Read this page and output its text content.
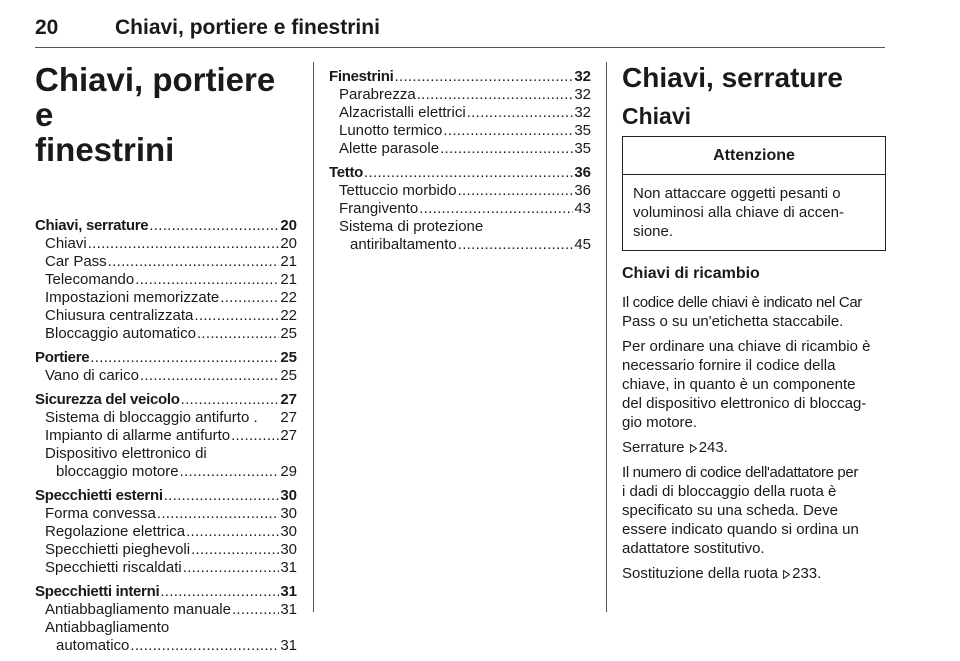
20	Chiavi, portiere e finestrini
Chiavi, portiere e
finestrini
Chiavi, serrature .....	20
Chiavi .....	20
Car Pass .....	21
Telecomando .....	21
Impostazioni memorizzate .....	22
Chiusura centralizzata .....	22
Bloccaggio automatico .....	25
Portiere .....	25
Vano di carico .....	25
Sicurezza del veicolo .....	27
Sistema di bloccaggio antifurto . 27
Impianto di allarme antifurto .....	27
Dispositivo elettronico di
bloccaggio motore .....	29
Specchietti esterni .....	30
Forma convessa .....	30
Regolazione elettrica .....	30
Specchietti pieghevoli .....	30
Specchietti riscaldati .....	31
Specchietti interni .....	31
Antiabbagliamento manuale .....	31
Antiabbagliamento
automatico .....	31
Finestrini .....	32
Parabrezza .....	32
Alzacristalli elettrici .....	32
Lunotto termico .....	35
Alette parasole .....	35
Tetto .....	36
Tettuccio morbido .....	36
Frangivento .....	43
Sistema di protezione
antiribaltamento .....	45
Chiavi, serrature
Chiavi
Attenzione
Non attaccare oggetti pesanti o
voluminosi alla chiave di accen-
sione.
Chiavi di ricambio

Il codice delle chiavi è indicato nel Car
Pass o su un'etichetta staccabile.

Per ordinare una chiave di ricambio è
necessario fornire il codice della
chiave, in quanto è un componente
del dispositivo elettronico di bloccag-
gio motore.

Serrature 243.

Il numero di codice dell'adattatore per
i dadi di bloccaggio della ruota è
specificato su una scheda. Deve
essere indicato quando si ordina un
adattatore sostitutivo.

Sostituzione della ruota 233.
